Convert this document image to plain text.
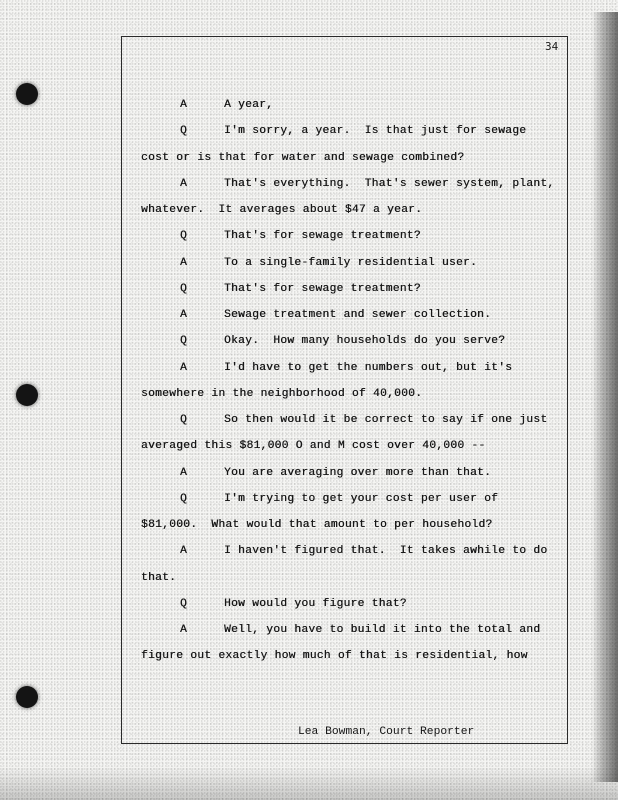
34
A	A year,
Q	I'm sorry, a year.  Is that just for sewage
cost or is that for water and sewage combined?
A	That's everything.  That's sewer system, plant,
whatever.  It averages about $47 a year.
Q	That's for sewage treatment?
A	To a single-family residential user.
Q	That's for sewage treatment?
A	Sewage treatment and sewer collection.
Q	Okay.  How many households do you serve?
A	I'd have to get the numbers out, but it's
somewhere in the neighborhood of 40,000.
Q	So then would it be correct to say if one just
averaged this $81,000 O and M cost over 40,000 --
A	You are averaging over more than that.
Q	I'm trying to get your cost per user of
$81,000.  What would that amount to per household?
A	I haven't figured that.  It takes awhile to do
that.
Q	How would you figure that?
A	Well, you have to build it into the total and
figure out exactly how much of that is residential, how
Lea Bowman, Court Reporter
